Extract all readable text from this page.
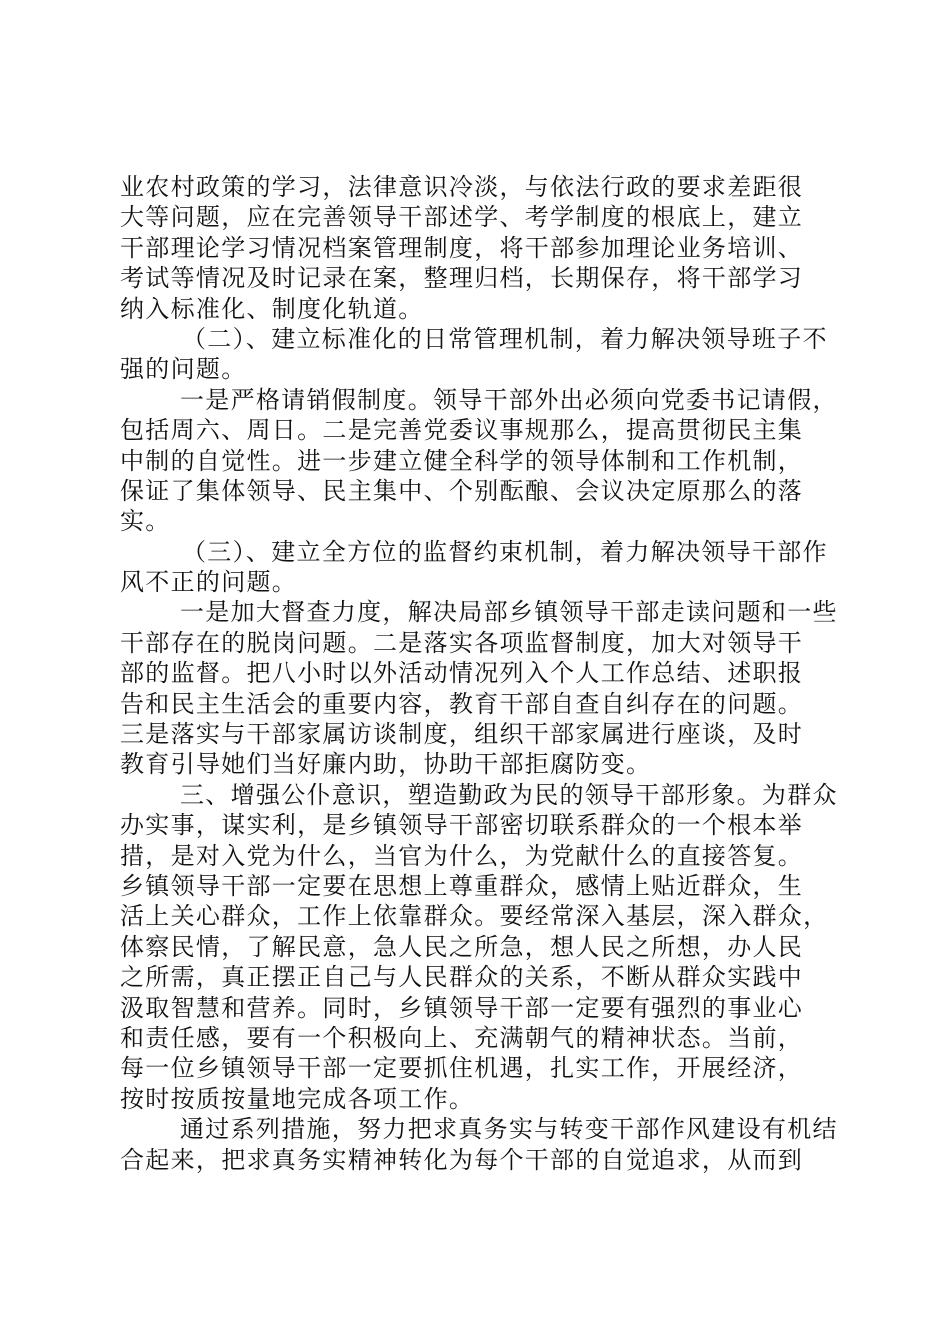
业农村政策的学习，法律意识冷淡，与依法行政的要求差距很
大等问题，应在完善领导干部述学、考学制度的根底上，建立
干部理论学习情况档案管理制度，将干部参加理论业务培训、
考试等情况及时记录在案，整理归档，长期保存，将干部学习
纳入标准化、制度化轨道。
（二）、建立标准化的日常管理机制，着力解决领导班子不
强的问题。
一是严格请销假制度。领导干部外出必须向党委书记请假，
包括周六、周日。二是完善党委议事规那么，提高贯彻民主集
中制的自觉性。进一步建立健全科学的领导体制和工作机制，
保证了集体领导、民主集中、个别酝酿、会议决定原那么的落
实。
（三）、建立全方位的监督约束机制，着力解决领导干部作
风不正的问题。
一是加大督查力度，解决局部乡镇领导干部走读问题和一些
干部存在的脱岗问题。二是落实各项监督制度，加大对领导干
部的监督。把八小时以外活动情况列入个人工作总结、述职报
告和民主生活会的重要内容，教育干部自查自纠存在的问题。
三是落实与干部家属访谈制度，组织干部家属进行座谈，及时
教育引导她们当好廉内助，协助干部拒腐防变。
三、增强公仆意识，塑造勤政为民的领导干部形象。为群众
办实事，谋实利，是乡镇领导干部密切联系群众的一个根本举
措，是对入党为什么，当官为什么，为党献什么的直接答复。
乡镇领导干部一定要在思想上尊重群众，感情上贴近群众，生
活上关心群众，工作上依靠群众。要经常深入基层，深入群众，
体察民情，了解民意，急人民之所急，想人民之所想，办人民
之所需，真正摆正自己与人民群众的关系，不断从群众实践中
汲取智慧和营养。同时，乡镇领导干部一定要有强烈的事业心
和责任感，要有一个积极向上、充满朝气的精神状态。当前，
每一位乡镇领导干部一定要抓住机遇，扎实工作，开展经济，
按时按质按量地完成各项工作。
通过系列措施，努力把求真务实与转变干部作风建设有机结
合起来，把求真务实精神转化为每个干部的自觉追求，从而到
